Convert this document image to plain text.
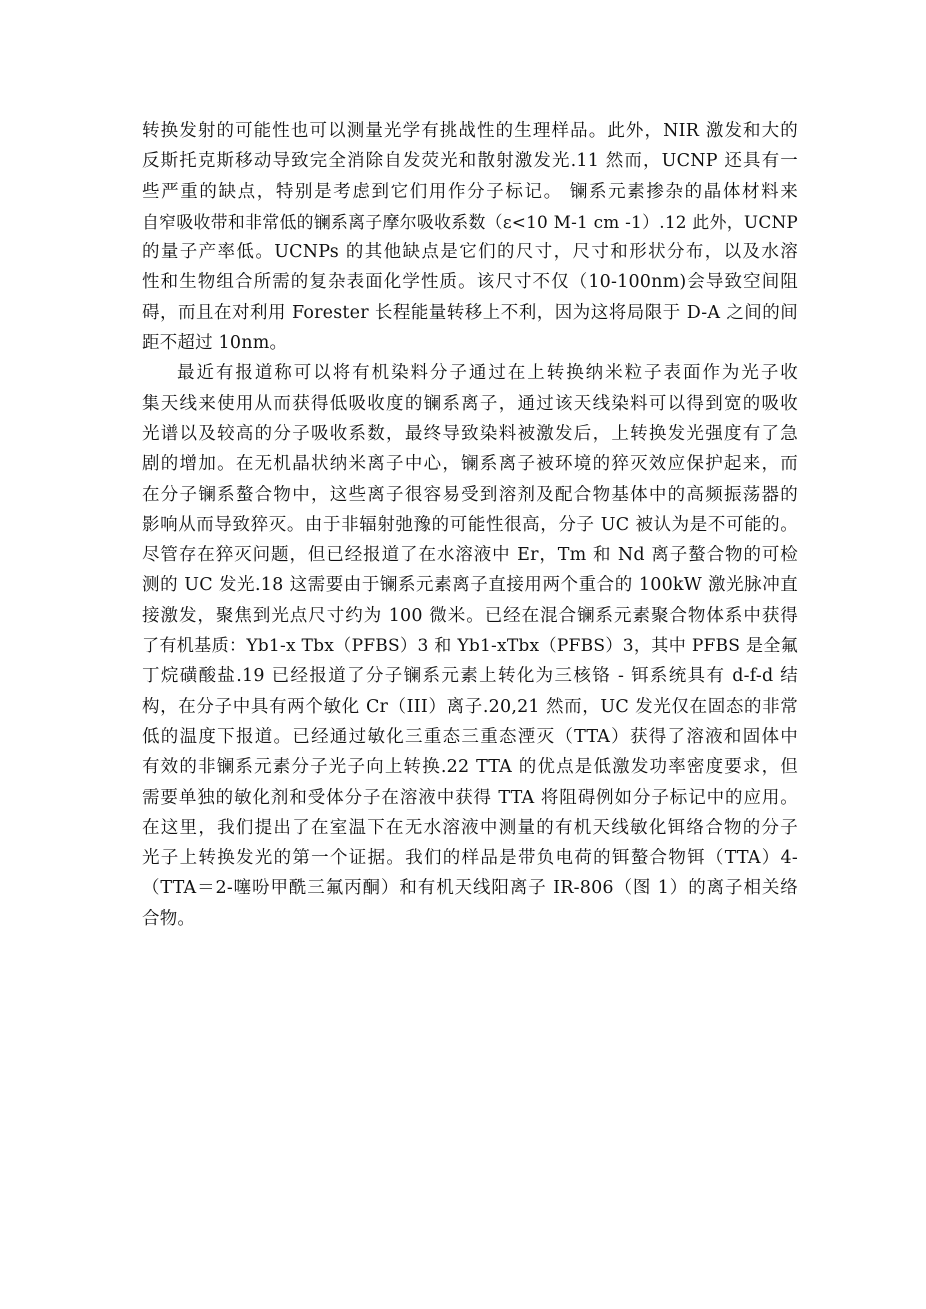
转换发射的可能性也可以测量光学有挑战性的生理样品。此外，NIR 激发和大的
反斯托克斯移动导致完全消除自发荧光和散射激发光.11 然而，UCNP 还具有一
些严重的缺点，特别是考虑到它们用作分子标记。 镧系元素掺杂的晶体材料来
自窄吸收带和非常低的镧系离子摩尔吸收系数（ε<10 M-1 cm -1）.12 此外，UCNP
的量子产率低。UCNPs 的其他缺点是它们的尺寸，尺寸和形状分布，以及水溶
性和生物组合所需的复杂表面化学性质。该尺寸不仅（10-100nm)会导致空间阻
碍，而且在对利用 Forester 长程能量转移上不利，因为这将局限于 D-A 之间的间
距不超过 10nm。
最近有报道称可以将有机染料分子通过在上转换纳米粒子表面作为光子收
集天线来使用从而获得低吸收度的镧系离子，通过该天线染料可以得到宽的吸收
光谱以及较高的分子吸收系数，最终导致染料被激发后，上转换发光强度有了急
剧的增加。在无机晶状纳米离子中心，镧系离子被环境的猝灭效应保护起来，而
在分子镧系螯合物中，这些离子很容易受到溶剂及配合物基体中的高频振荡器的
影响从而导致猝灭。由于非辐射弛豫的可能性很高，分子 UC 被认为是不可能的。
尽管存在猝灭问题，但已经报道了在水溶液中 Er，Tm 和 Nd 离子螯合物的可检
测的 UC 发光.18 这需要由于镧系元素离子直接用两个重合的 100kW 激光脉冲直
接激发，聚焦到光点尺寸约为 100 微米。已经在混合镧系元素聚合物体系中获得
了有机基质：Yb1-x Tbx（PFBS）3 和 Yb1-xTbx（PFBS）3，其中 PFBS 是全氟
丁烷磺酸盐.19 已经报道了分子镧系元素上转化为三核铬 - 铒系统具有 d-f-d 结
构，在分子中具有两个敏化 Cr（III）离子.20,21 然而，UC 发光仅在固态的非常
低的温度下报道。已经通过敏化三重态三重态湮灭（TTA）获得了溶液和固体中
有效的非镧系元素分子光子向上转换.22 TTA 的优点是低激发功率密度要求，但
需要单独的敏化剂和受体分子在溶液中获得 TTA 将阻碍例如分子标记中的应用。
在这里，我们提出了在室温下在无水溶液中测量的有机天线敏化铒络合物的分子
光子上转换发光的第一个证据。我们的样品是带负电荷的铒螯合物铒（TTA）4-
（TTA＝2-噻吩甲酰三氟丙酮）和有机天线阳离子 IR-806（图 1）的离子相关络
合物。
